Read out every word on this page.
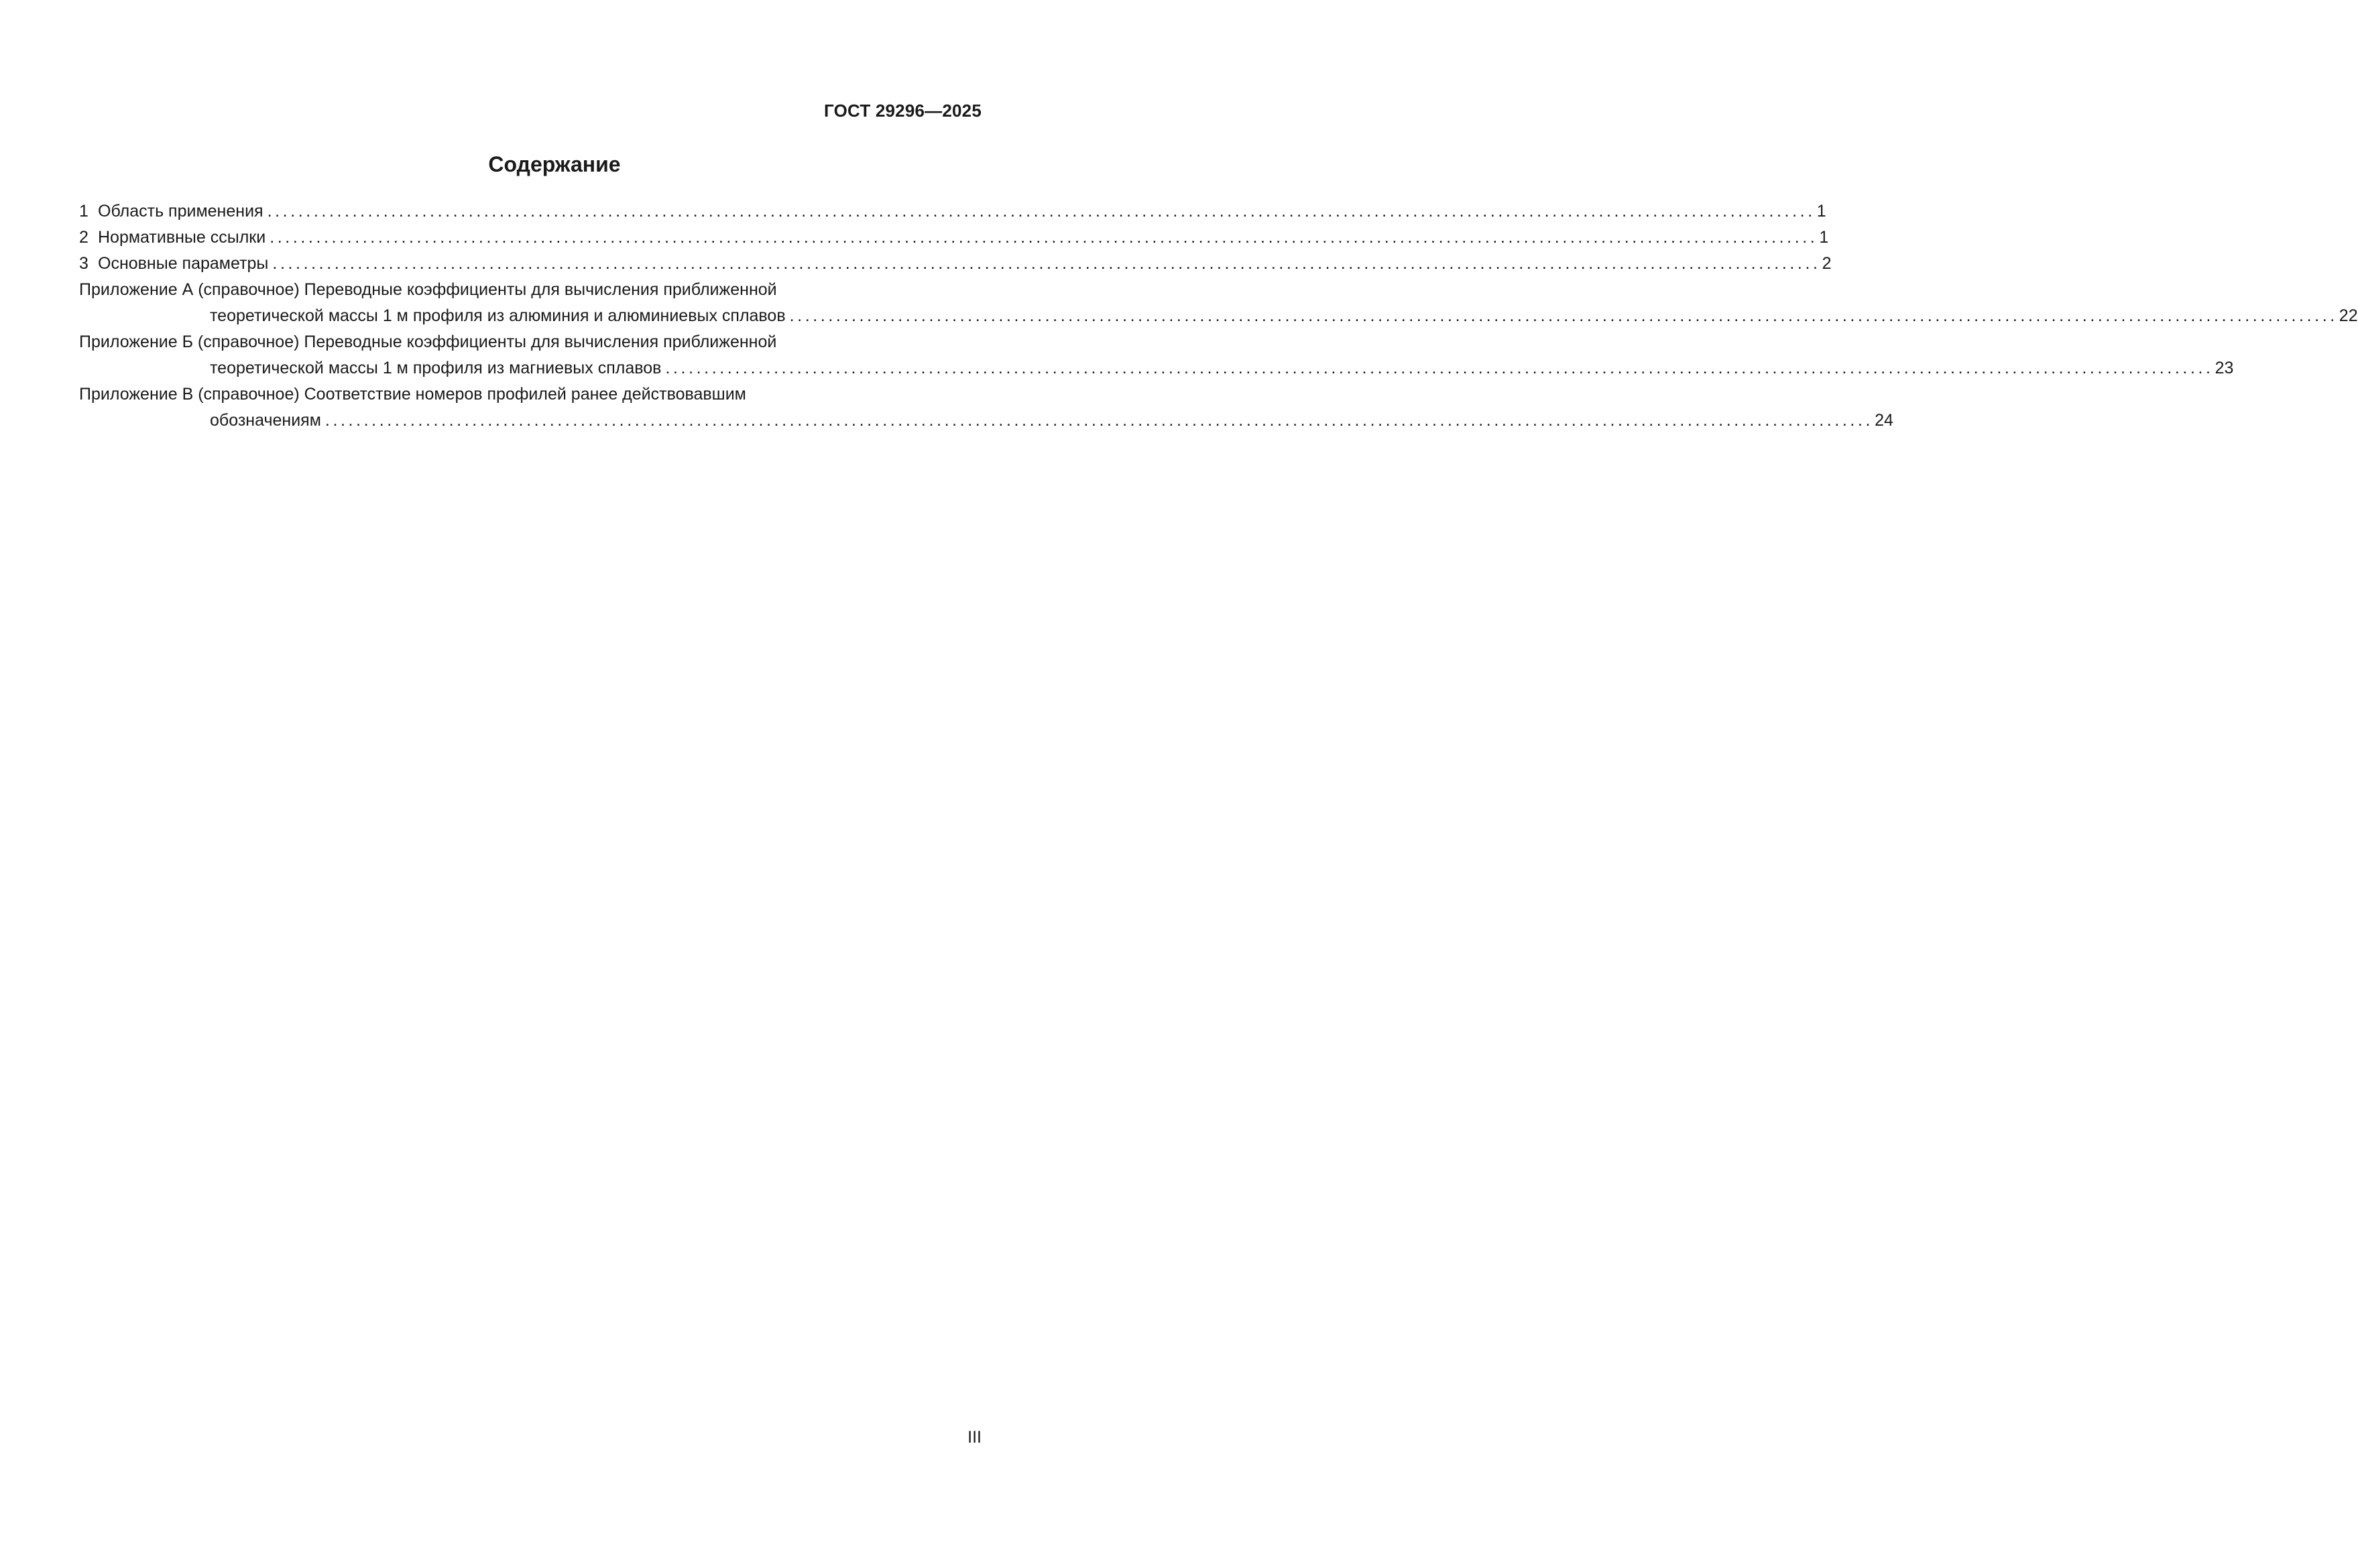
ГОСТ 29296—2025
Содержание
1 Область применения ........................................................................................................................................................................................................ 1
2 Нормативные ссылки ........................................................................................................................................................................................................ 1
3 Основные параметры ........................................................................................................................................................................................................ 2
Приложение А (справочное) Переводные коэффициенты для вычисления приближенной
теоретической массы 1 м профиля из алюминия и алюминиевых сплавов ........................................................................................................................................................................................................ 22
Приложение Б (справочное) Переводные коэффициенты для вычисления приближенной
теоретической массы 1 м профиля из магниевых сплавов ........................................................................................................................................................................................................ 23
Приложение В (справочное) Соответствие номеров профилей ранее действовавшим
обозначениям ........................................................................................................................................................................................................ 24
III
